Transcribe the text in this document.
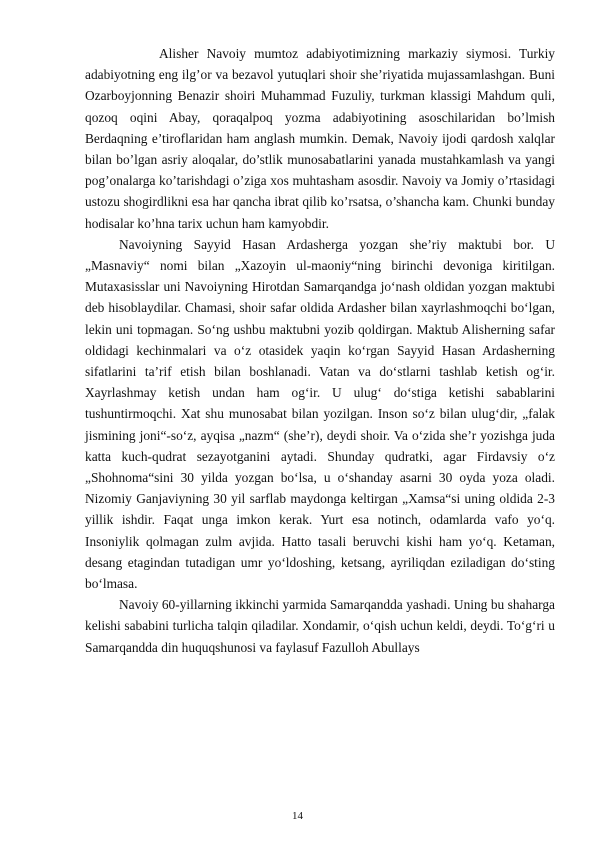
Alisher Navoiy mumtoz adabiyotimizning markaziy siymosi. Turkiy adabiyotning eng ilg’or va bezavol yutuqlari shoir she’riyatida mujassamlashgan. Buni Ozarboyjonning Benazir shoiri Muhammad Fuzuliy, turkman klassigi Mahdum quli, qozoq oqini Abay, qoraqalpoq yozma adabiyotining asoschilaridan bo’lmish Berdaqning e’tiroflaridan ham anglash mumkin. Demak, Navoiy ijodi qardosh xalqlar bilan bo’lgan asriy aloqalar, do’stlik munosabatlarini yanada mustahkamlash va yangi pog’onalarga ko’tarishdagi o’ziga xos muhtasham asosdir. Navoiy va Jomiy o’rtasidagi ustozu shogirdlikni esa har qancha ibrat qilib ko’rsatsa, o’shancha kam. Chunki bunday hodisalar ko’hna tarix uchun ham kamyobdir.

Navoiyning Sayyid Hasan Ardasherga yozgan she’riy maktubi bor. U „Masnaviy“ nomi bilan „Xazoyin ul-maoniy“ning birinchi devoniga kiritilgan. Mutaxasisslar uni Navoiyning Hirotdan Samarqandga jo‘nash oldidan yozgan maktubi deb hisoblaydilar. Chamasi, shoir safar oldida Ardasher bilan xayrlashmoqchi bo‘lgan, lekin uni topmagan. So‘ng ushbu maktubni yozib qoldirgan. Maktub Alisherning safar oldidagi kechinmalari va o‘z otasidek yaqin ko‘rgan Sayyid Hasan Ardasherning sifatlarini ta’rif etish bilan boshlanadi. Vatan va do‘stlarni tashlab ketish og‘ir. Xayrlashmay ketish undan ham og‘ir. U ulug‘ do‘stiga ketishi sabablarini tushuntirmoqchi. Xat shu munosabat bilan yozilgan. Inson so‘z bilan ulug‘dir, „falak jismining joni“-so‘z, ayqisa „nazm“ (she’r), deydi shoir. Va o‘zida she’r yozishga juda katta kuch-qudrat sezayotganini aytadi. Shunday qudratki, agar Firdavsiy o‘z „Shohnoma“sini 30 yilda yozgan bo‘lsa, u o‘shanday asarni 30 oyda yoza oladi. Nizomiy Ganjaviyning 30 yil sarflab maydonga keltirgan „Xamsa“si uning oldida 2-3 yillik ishdir. Faqat unga imkon kerak. Yurt esa notinch, odamlarda vafo yo‘q. Insoniylik qolmagan zulm avjida. Hatto tasali beruvchi kishi ham yo‘q. Ketaman, desang etagindan tutadigan umr yo‘ldoshing, ketsang, ayriliqdan eziladigan do‘sting bo‘lmasa.

Navoiy 60-yillarning ikkinchi yarmida Samarqandda yashadi. Uning bu shaharga kelishi sababini turlicha talqin qiladilar. Xondamir, o‘qish uchun keldi, deydi. To‘g‘ri u Samarqandda din huquqshunosi va faylasuf Fazulloh Abullays

14
